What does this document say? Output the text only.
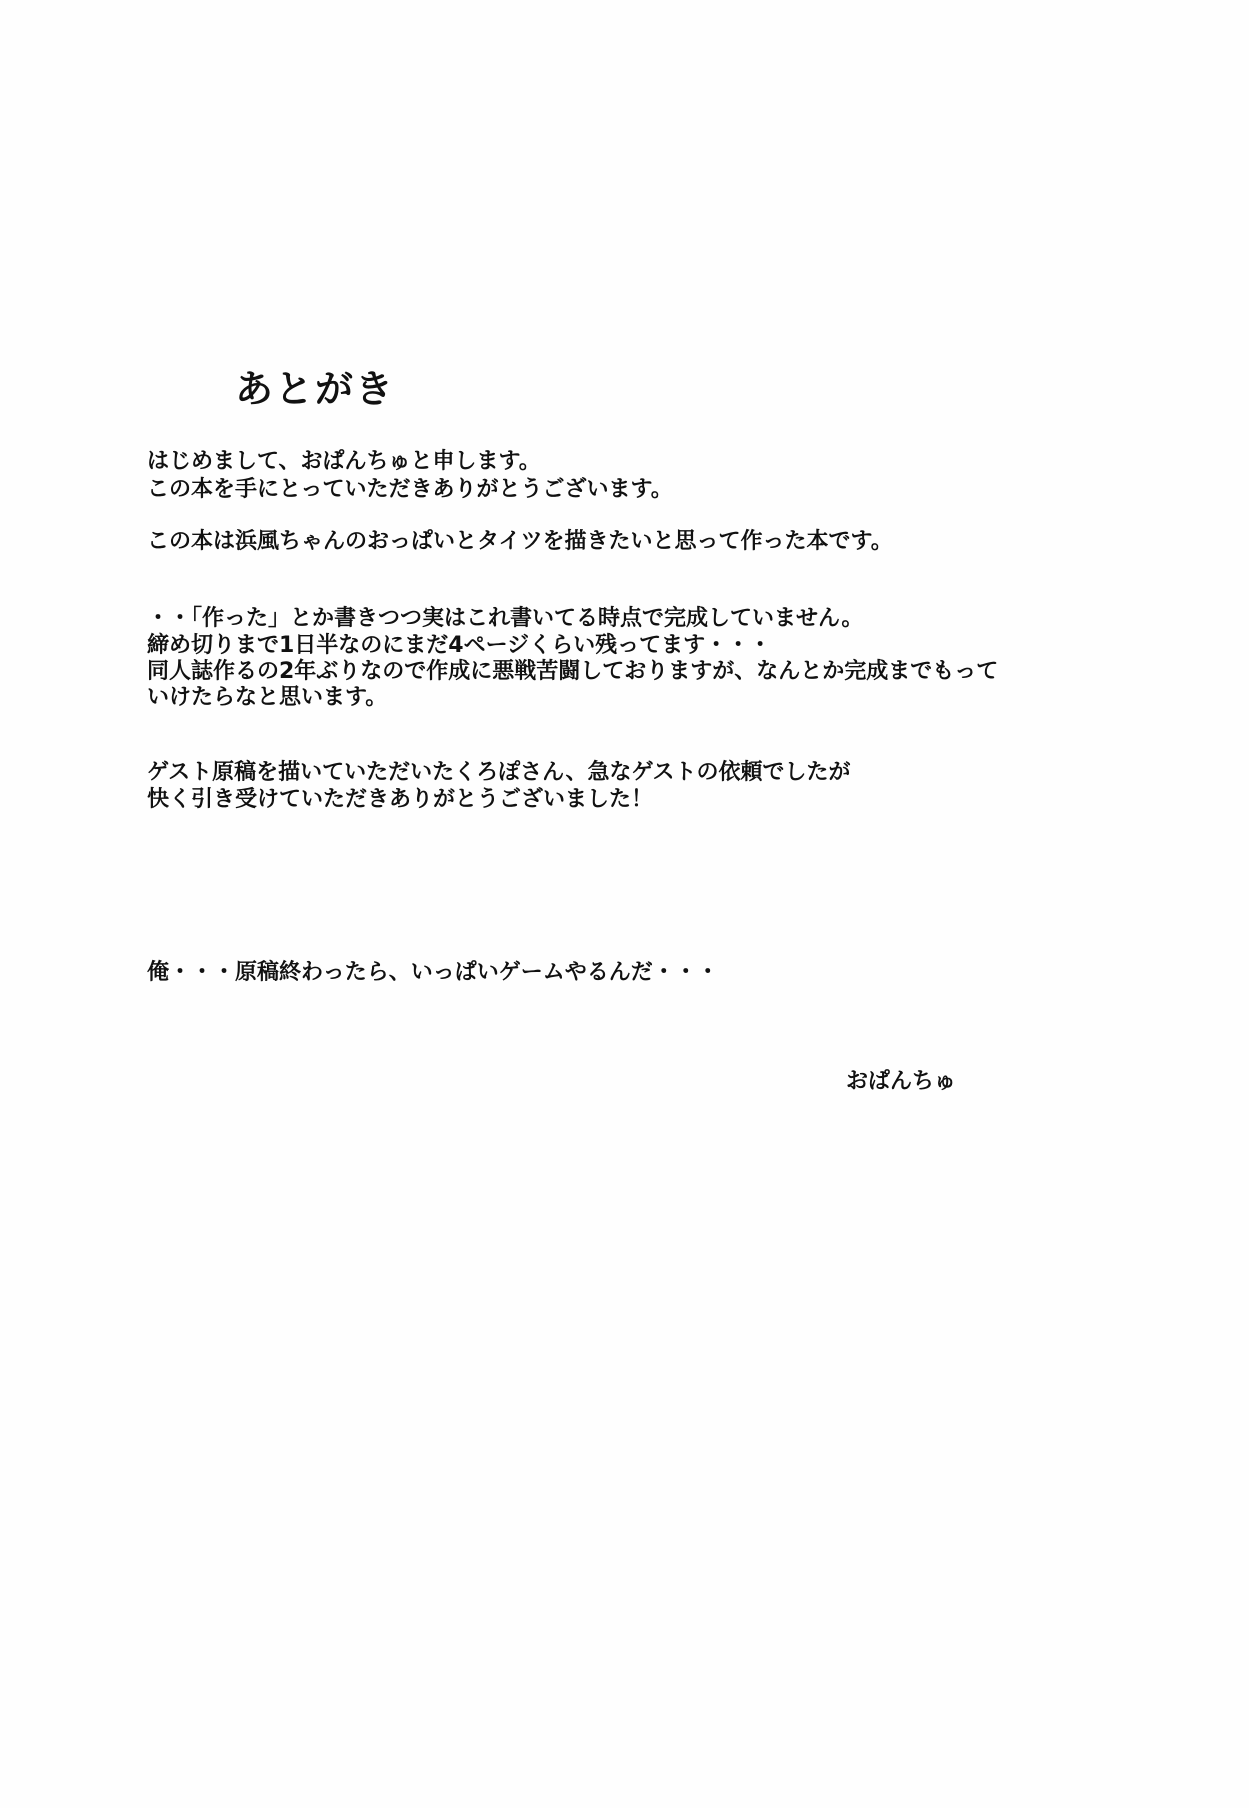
あとがき
はじめまして、おぱんちゅと申します。
この本を手にとっていただきありがとうございます。
この本は浜風ちゃんのおっぱいとタイツを描きたいと思って作った本です。
・・「作った」とか書きつつ実はこれ書いてる時点で完成していません。
締め切りまで1日半なのにまだ4ページくらい残ってます・・・
同人誌作るの2年ぶりなので作成に悪戦苦闘しておりますが、なんとか完成までもって
いけたらなと思います。
ゲスト原稿を描いていただいたくろぽさん、急なゲストの依頼でしたが
快く引き受けていただきありがとうございました！
俺・・・原稿終わったら、いっぱいゲームやるんだ・・・
おぱんちゅ
